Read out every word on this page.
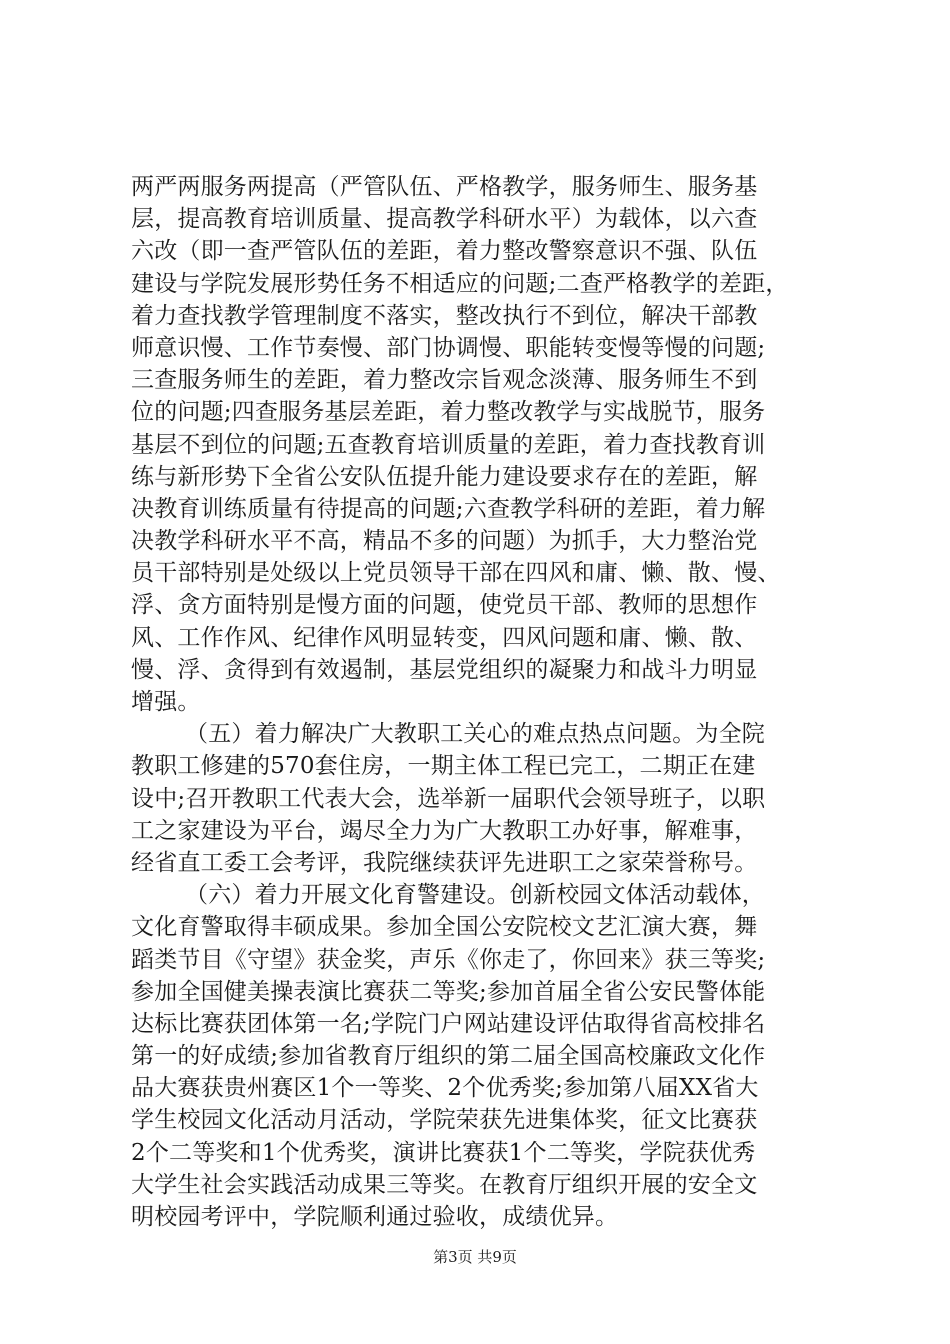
两严两服务两提高（严管队伍、严格教学，服务师生、服务基
层，提高教育培训质量、提高教学科研水平）为载体，以六查
六改（即一查严管队伍的差距，着力整改警察意识不强、队伍
建设与学院发展形势任务不相适应的问题;二查严格教学的差距，
着力查找教学管理制度不落实，整改执行不到位，解决干部教
师意识慢、工作节奏慢、部门协调慢、职能转变慢等慢的问题;
三查服务师生的差距，着力整改宗旨观念淡薄、服务师生不到
位的问题;四查服务基层差距，着力整改教学与实战脱节，服务
基层不到位的问题;五查教育培训质量的差距，着力查找教育训
练与新形势下全省公安队伍提升能力建设要求存在的差距，解
决教育训练质量有待提高的问题;六查教学科研的差距，着力解
决教学科研水平不高，精品不多的问题）为抓手，大力整治党
员干部特别是处级以上党员领导干部在四风和庸、懒、散、慢、
浮、贪方面特别是慢方面的问题，使党员干部、教师的思想作
风、工作作风、纪律作风明显转变，四风问题和庸、懒、散、
慢、浮、贪得到有效遏制，基层党组织的凝聚力和战斗力明显
增强。
（五）着力解决广大教职工关心的难点热点问题。为全院
教职工修建的570套住房，一期主体工程已完工，二期正在建
设中;召开教职工代表大会，选举新一届职代会领导班子，以职
工之家建设为平台，竭尽全力为广大教职工办好事，解难事，
经省直工委工会考评，我院继续获评先进职工之家荣誉称号。
（六）着力开展文化育警建设。创新校园文体活动载体，
文化育警取得丰硕成果。参加全国公安院校文艺汇演大赛，舞
蹈类节目《守望》获金奖，声乐《你走了，你回来》获三等奖;
参加全国健美操表演比赛获二等奖;参加首届全省公安民警体能
达标比赛获团体第一名;学院门户网站建设评估取得省高校排名
第一的好成绩;参加省教育厅组织的第二届全国高校廉政文化作
品大赛获贵州赛区1个一等奖、2个优秀奖;参加第八届XX省大
学生校园文化活动月活动，学院荣获先进集体奖，征文比赛获
2个二等奖和1个优秀奖，演讲比赛获1个二等奖，学院获优秀
大学生社会实践活动成果三等奖。在教育厅组织开展的安全文
明校园考评中，学院顺利通过验收，成绩优异。
第3页 共9页
